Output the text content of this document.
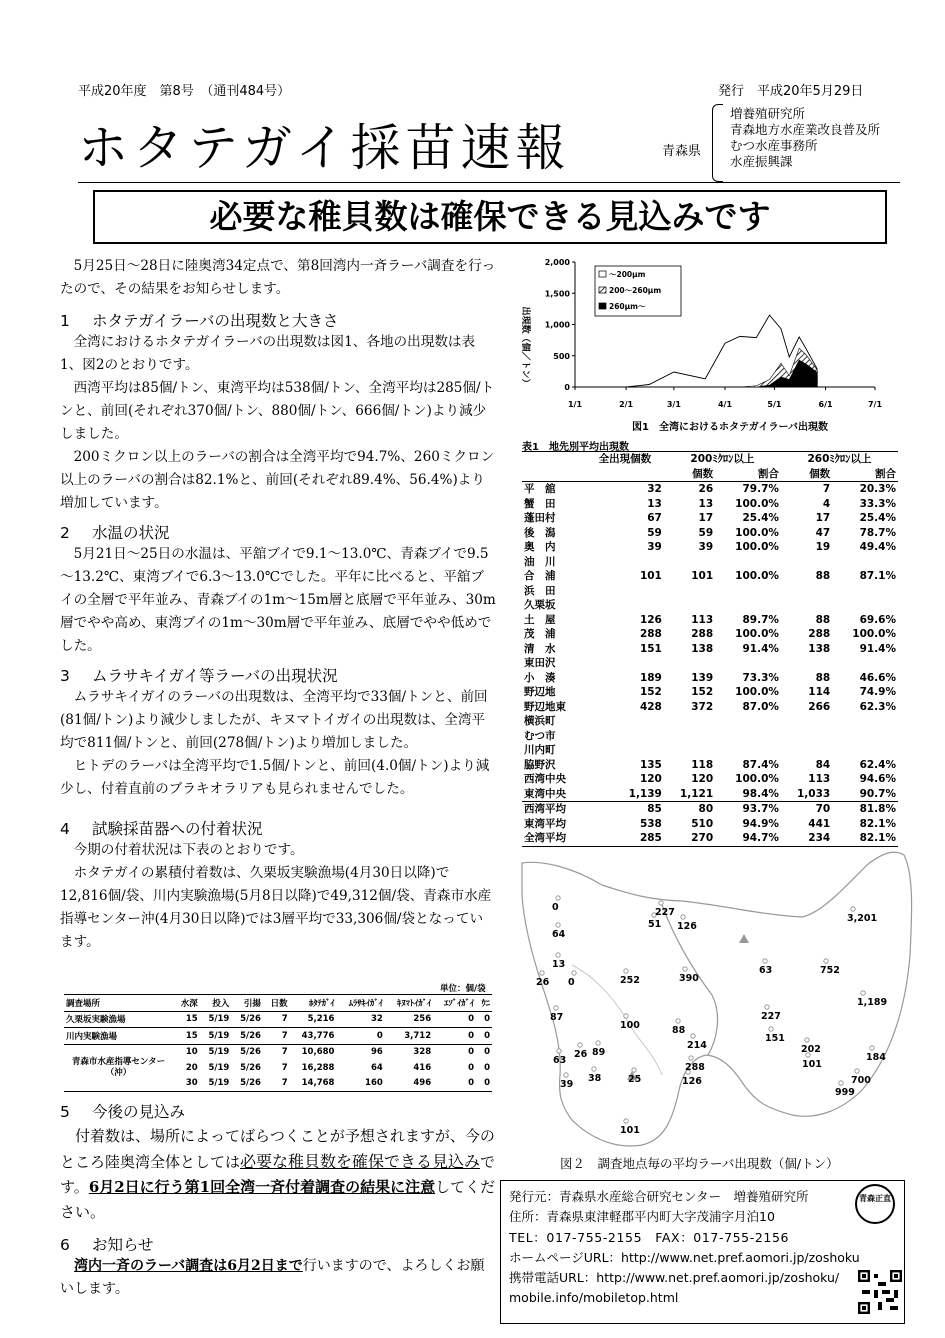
平成20年度　第8号　（通刊484号）	発行　平成20年5月29日
ホタテガイ採苗速報	青森県
増養殖研究所
青森地方水産業改良普及所
むつ水産事務所
水産振興課
必要な稚貝数は確保できる見込みです

5月25日～28日に陸奥湾34定点で、第8回湾内一斉ラーバ調査を行ったので、その結果をお知らせします。

1 ホタテガイラーバの出現数と大きさ

全湾におけるホタテガイラーバの出現数は図1、各地の出現数は表1、図2のとおりです。

西湾平均は85個/トン、東湾平均は538個/トン、全湾平均は285個/トンと、前回(それぞれ370個/トン、880個/トン、666個/トン)より減少しました。

200ミクロン以上のラーバの割合は全湾平均で94.7%、260ミクロン以上のラーバの割合は82.1%と、前回(それぞれ89.4%、56.4%)より増加しています。

2 水温の状況

5月21日～25日の水温は、平舘ブイで9.1～13.0℃、青森ブイで9.5～13.2℃、東湾ブイで6.3～13.0℃でした。平年に比べると、平舘ブイの全層で平年並み、青森ブイの1m～15m層と底層で平年並み、30m層でやや高め、東湾ブイの1m～30m層で平年並み、底層でやや低めでした。

3 ムラサキイガイ等ラーバの出現状況

ムラサキイガイのラーバの出現数は、全湾平均で33個/トンと、前回(81個/トン)より減少しましたが、キヌマトイガイの出現数は、全湾平均で811個/トンと、前回(278個/トン)より増加しました。

ヒトデのラーバは全湾平均で1.5個/トンと、前回(4.0個/トン)より減少し、付着直前のブラキオラリアも見られませんでした。

4 試験採苗器への付着状況

今期の付着状況は下表のとおりです。

ホタテガイの累積付着数は、久栗坂実験漁場(4月30日以降)で12,816個/袋、川内実験漁場(5月8日以降)で49,312個/袋、青森市水産指導センター沖(4月30日以降)では3層平均で33,306個/袋となっています。

単位：個/袋
調査場所	水深	投入	引揚	日数	ﾎﾀﾃｶﾞｲ	ﾑﾗｻｷｲｶﾞｲ	ｷﾇﾏﾄｲｶﾞｲ	ｴｿﾞｲｶﾞｲ	ｳﾆ
久栗坂実験漁場	15	5/19	5/26	7	5,216	32	256	0	0
川内実験漁場	15	5/19	5/26	7	43,776	0	3,712	0	0
青森市水産指導センター（沖）	10	5/19	5/26	7	10,680	96	328	0	0
	20	5/19	5/26	7	16,288	64	416	0	0
	30	5/19	5/26	7	14,768	160	496	0	0
5 今後の見込み

付着数は、場所によってばらつくことが予想されますが、今のところ陸奥湾全体としては必要な稚貝数を確保できる見込みです。6月2日に行う第1回全湾一斉付着調査の結果に注意してください。

6 お知らせ

湾内一斉のラーバ調査は6月2日まで行いますので、よろしくお願いします。

出現数（個／トン）	0
500
1,000
1,500
2,000
1/1	2/1	3/1	4/1	5/1	6/1	7/1
～200μm
200～260μm
260μm～
図1　全湾におけるホタテガイラーバ出現数
表1　地先別平均出現数
	全出現個数	200ﾐｸﾛﾝ以上		260ﾐｸﾛﾝ以上	
		個数	割合	個数	割合
平　舘	32	26	79.7%	7	20.3%
蟹　田	13	13	100.0%	4	33.3%
蓬田村	67	17	25.4%	17	25.4%
後　潟	59	59	100.0%	47	78.7%
奥　内	39	39	100.0%	19	49.4%
油　川					
合　浦	101	101	100.0%	88	87.1%
浜　田					
久栗坂					
土　屋	126	113	89.7%	88	69.6%
茂　浦	288	288	100.0%	288	100.0%
清　水	151	138	91.4%	138	91.4%
東田沢					
小　湊	189	139	73.3%	88	46.6%
野辺地	152	152	100.0%	114	74.9%
野辺地東	428	372	87.0%	266	62.3%
横浜町					
むつ市					
川内町					
脇野沢	135	118	87.4%	84	62.4%
西湾中央	120	120	100.0%	113	94.6%
東湾中央	1,139	1,121	98.4%	1,033	90.7%
西湾平均	85	80	93.7%	70	81.8%
東湾平均	538	510	94.9%	441	82.1%
全湾平均	285	270	94.7%	234	82.1%
0
64
227
51 126
3,201
13
26 0	252	390
63	752
1,189
87
100	88
227
214
151
202
184
63
26 89
288	101
700
39
38	25	126
999
101
図２　調査地点毎の平均ラーバ出現数（個/トン）
発行元：青森県水産総合研究センター　増養殖研究所
住所：青森県東津軽郡平内町大字茂浦字月泊10
TEL：017-755-2155　FAX：017-755-2156
ホームページURL：http://www.net.pref.aomori.jp/zoshoku
携帯電話URL：http://www.net.pref.aomori.jp/zoshoku/
mobile.info/mobiletop.html
青森正直
